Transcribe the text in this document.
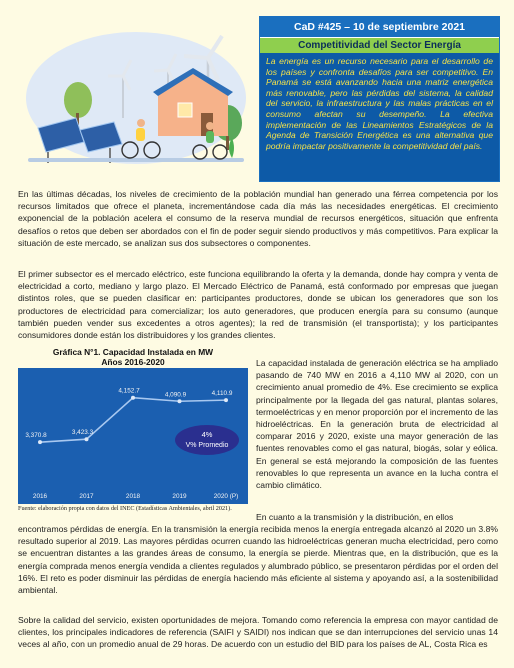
CaD #425 – 10 de septiembre 2021
Competitividad del Sector Energía
La energía es un recurso necesario para el desarrollo de los países y confronta desafíos para ser competitivo. En Panamá se está avanzando hacia una matriz energética más renovable, pero las pérdidas del sistema, la calidad del servicio, la infraestructura y las malas prácticas en el consumo afectan su desempeño. La efectiva implementación de las Lineamientos Estratégicos de la Agenda de Transición Energética es una alternativa que podría impactar positivamente la competitividad del país.

En las últimas décadas, los niveles de crecimiento de la población mundial han generado una férrea competencia por los recursos limitados que ofrece el planeta, incrementándose cada día más las necesidades energéticas. El crecimiento exponencial de la población acelera el consumo de la reserva mundial de recursos energéticos, situación que enfrenta desafíos o retos que deben ser abordados con el fin de poder seguir siendo productivos y más competitivos. Para explicar la situación de este mercado, se analizan sus dos subsectores o componentes.

El primer subsector es el mercado eléctrico, este funciona equilibrando la oferta y la demanda, donde hay compra y venta de electricidad a corto, mediano y largo plazo. El Mercado Eléctrico de Panamá, está conformado por empresas que juegan distintos roles, que se pueden clasificar en: participantes productores, donde se ubican los generadores que son los productores de electricidad para comercializar; los auto generadores, que producen energía para su consumo (aunque también pueden vender sus excedentes a otros agentes); la red de transmisión (el transportista); y los participantes consumidores donde están los distribuidores y los grandes clientes.

Gráfica N°1. Capacidad Instalada en MW
Años 2016-2020
3,370.8
2016
3,423.3
2017
4,152.7
2018
4,090.9
2019
4,110.9
2020 (P)
4%
V% Promedio
Fuente: elaboración propia con datos del INEC (Estadísticas Ambientales, abril 2021).

La capacidad instalada de generación eléctrica se ha ampliado pasando de 740 MW en 2016 a 4,110 MW al 2020, con un crecimiento anual promedio de 4%. Ese crecimiento se explica principalmente por la llegada del gas natural, plantas solares, termoeléctricas y en menor proporción por el incremento de las hidroeléctricas. En la generación bruta de electricidad al comparar 2016 y 2020, existe una mayor generación de las fuentes renovables como el gas natural, biogás, solar y eólica. En general se está mejorando la composición de las fuentes renovables lo que representa un avance en la lucha contra el cambio climático.

En cuanto a la transmisión y la distribución, en ellos

encontramos pérdidas de energía. En la transmisión la energía recibida menos la energía entregada alcanzó al 2020 un 3.8% resultado superior al 2019. Las mayores pérdidas ocurren cuando las hidroeléctricas generan mucha electricidad, pero como se encuentran distantes a las grandes áreas de consumo, la energía se pierde. Mientras que, en la distribución, que es la energía comprada menos energía vendida a clientes regulados y alumbrado público, se presentaron pérdidas por el orden del 16%. El reto es poder disminuir las pérdidas de energía haciendo más eficiente al sistema y apoyando así, a la sostenibilidad ambiental.

Sobre la calidad del servicio, existen oportunidades de mejora. Tomando como referencia la empresa con mayor cantidad de clientes, los principales indicadores de referencia (SAIFI y SAIDI) nos indican que se dan interrupciones del servicio unas 14 veces al año, con un promedio anual de 29 horas. De acuerdo con un estudio del BID para los países de AL, Costa Rica es
